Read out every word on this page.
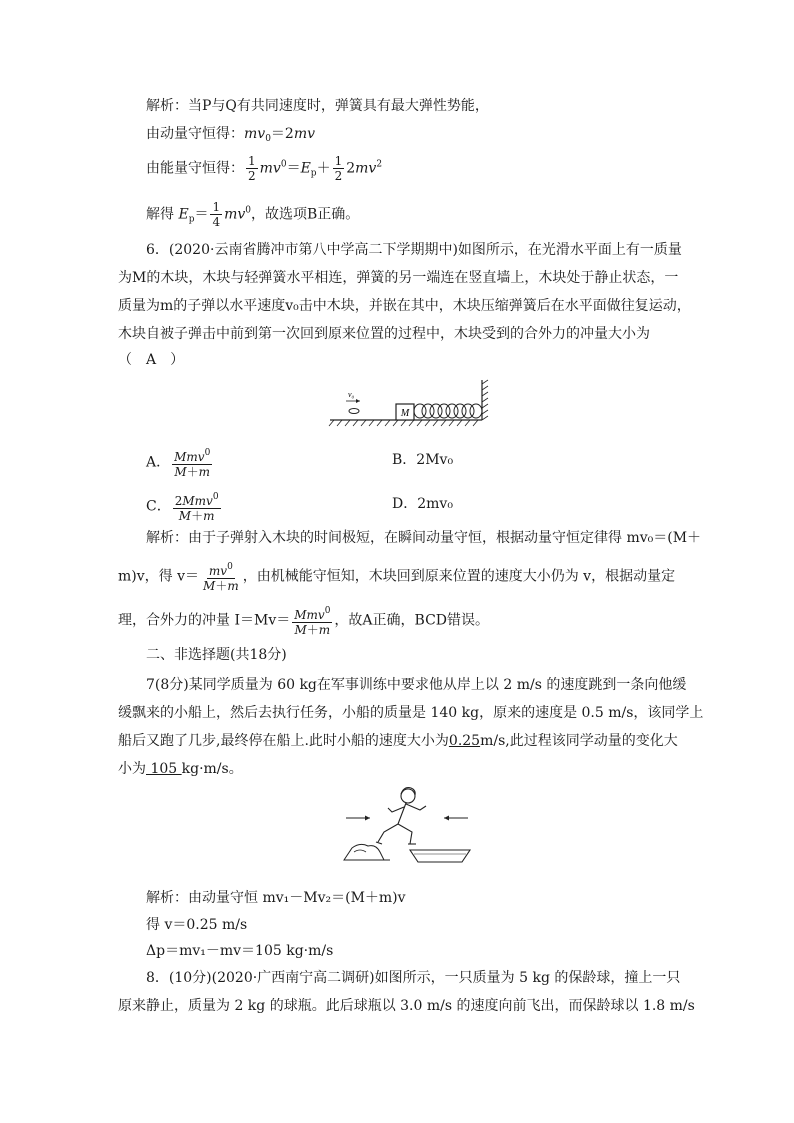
解析：当P与Q有共同速度时，弹簧具有最大弹性势能，
由动量守恒得：$mv_0=2mv$
由能量守恒得： $\frac{1}{2} mv^0=E_p+ \frac{1}{2} 2mv^2$
解得 $E_p= \frac{1}{4} mv^0$，故选项B正确。
6．(2020·云南省腾冲市第八中学高二下学期期中)如图所示，在光滑水平面上有一质量
为M的木块，木块与轻弹簧水平相连，弹簧的另一端连在竖直墙上，木块处于静止状态，一
质量为m的子弹以水平速度v₀击中木块，并嵌在其中，木块压缩弹簧后在水平面做往复运动，
木块自被子弹击中前到第一次回到原来位置的过程中，木块受到的合外力的冲量大小为
（　A　）
M
v₀
A． $\frac{Mmv^0}{M+m}$	B．2Mv₀
C． $\frac{2Mmv^0}{M+m}$	D．2mv₀
解析：由于子弹射入木块的时间极短，在瞬间动量守恒，根据动量守恒定律得 mv₀＝(M＋
m)v，得 $v= \frac{mv^0}{M+m}$ ，由机械能守恒知，木块回到原来位置的速度大小仍为 v，根据动量定
理，合外力的冲量 $I=Mv= \frac{Mmv^0}{M+m}$ ，故A正确，BCD错误。
二、非选择题(共18分)
7(8分)某同学质量为 60 kg在军事训练中要求他从岸上以 2 m/s 的速度跳到一条向他缓
缓飘来的小船上，然后去执行任务，小船的质量是 140 kg，原来的速度是 0.5 m/s，该同学上
船后又跑了几步,最终停在船上.此时小船的速度大小为0.25m/s,此过程该同学动量的变化大
小为 105 kg·m/s。
解析：由动量守恒 mv₁－Mv₂＝(M＋m)v
得 v＝0.25 m/s
Δp＝mv₁－mv＝105 kg·m/s
8．(10分)(2020·广西南宁高二调研)如图所示，一只质量为 5 kg 的保龄球，撞上一只
原来静止，质量为 2 kg 的球瓶。此后球瓶以 3.0 m/s 的速度向前飞出，而保龄球以 1.8 m/s
